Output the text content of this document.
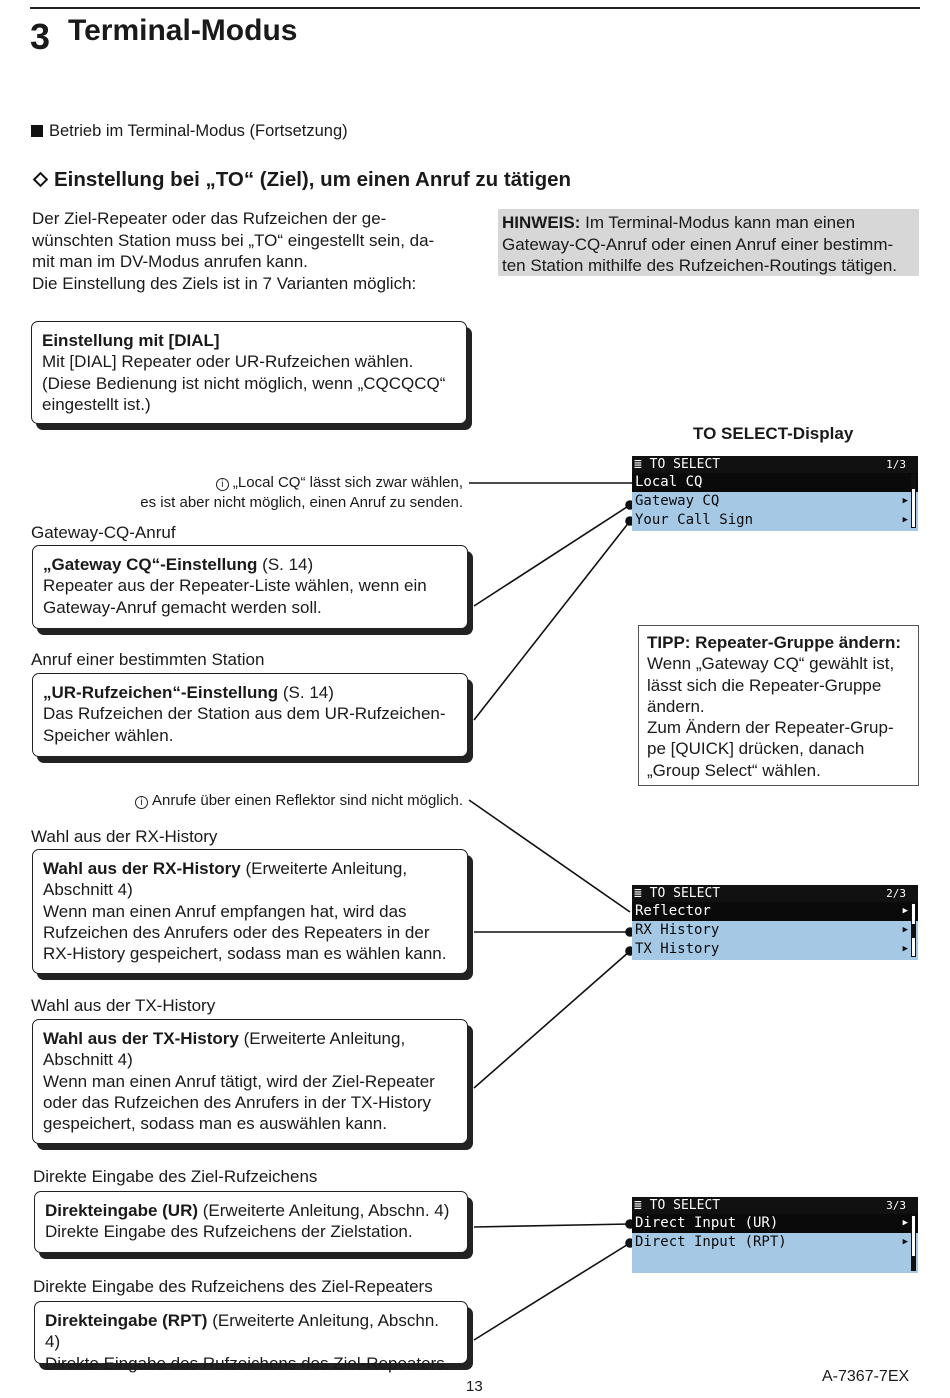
3 Terminal-Modus
Betrieb im Terminal-Modus (Fortsetzung)
Einstellung bei „TO“ (Ziel), um einen Anruf zu tätigen
Der Ziel-Repeater oder das Rufzeichen der ge-
wünschten Station muss bei „TO“ eingestellt sein, da-
mit man im DV-Modus anrufen kann.
Die Einstellung des Ziels ist in 7 Varianten möglich:
HINWEIS: Im Terminal-Modus kann man einen
Gateway-CQ-Anruf oder einen Anruf einer bestimm-
ten Station mithilfe des Rufzeichen-Routings tätigen.
Einstellung mit [DIAL]
Mit [DIAL] Repeater oder UR-Rufzeichen wählen.
(Diese Bedienung ist nicht möglich, wenn „CQCQCQ“
eingestellt ist.)
TO SELECT-Display
i „Local CQ“ lässt sich zwar wählen,
es ist aber nicht möglich, einen Anruf zu senden.
Gateway-CQ-Anruf
„Gateway CQ“-Einstellung (S. 14)
Repeater aus der Repeater-Liste wählen, wenn ein
Gateway-Anruf gemacht werden soll.
Anruf einer bestimmten Station
„UR-Rufzeichen“-Einstellung (S. 14)
Das Rufzeichen der Station aus dem UR-Rufzeichen-
Speicher wählen.
i Anrufe über einen Reflektor sind nicht möglich.
Wahl aus der RX-History
Wahl aus der RX-History (Erweiterte Anleitung,
Abschnitt 4)
Wenn man einen Anruf empfangen hat, wird das
Rufzeichen des Anrufers oder des Repeaters in der
RX-History gespeichert, sodass man es wählen kann.
Wahl aus der TX-History
Wahl aus der TX-History (Erweiterte Anleitung,
Abschnitt 4)
Wenn man einen Anruf tätigt, wird der Ziel-Repeater
oder das Rufzeichen des Anrufers in der TX-History
gespeichert, sodass man es auswählen kann.
Direkte Eingabe des Ziel-Rufzeichens
Direkteingabe (UR) (Erweiterte Anleitung, Abschn. 4)
Direkte Eingabe des Rufzeichens der Zielstation.
Direkte Eingabe des Rufzeichens des Ziel-Repeaters
Direkteingabe (RPT) (Erweiterte Anleitung, Abschn. 4)
Direkte Eingabe des Rufzeichens des Ziel-Repeaters.
≣ TO SELECT	1/3
Local CQ
Gateway CQ	▶
Your Call Sign	▶
≣ TO SELECT	2/3
Reflector	▶
RX History	▶
TX History	▶
≣ TO SELECT	3/3
Direct Input (UR)	▶
Direct Input (RPT)	▶
TIPP: Repeater-Gruppe ändern:
Wenn „Gateway CQ“ gewählt ist,
lässt sich die Repeater-Gruppe
ändern.
Zum Ändern der Repeater-Grup-
pe [QUICK] drücken, danach
„Group Select“ wählen.
13
A-7367-7EX
